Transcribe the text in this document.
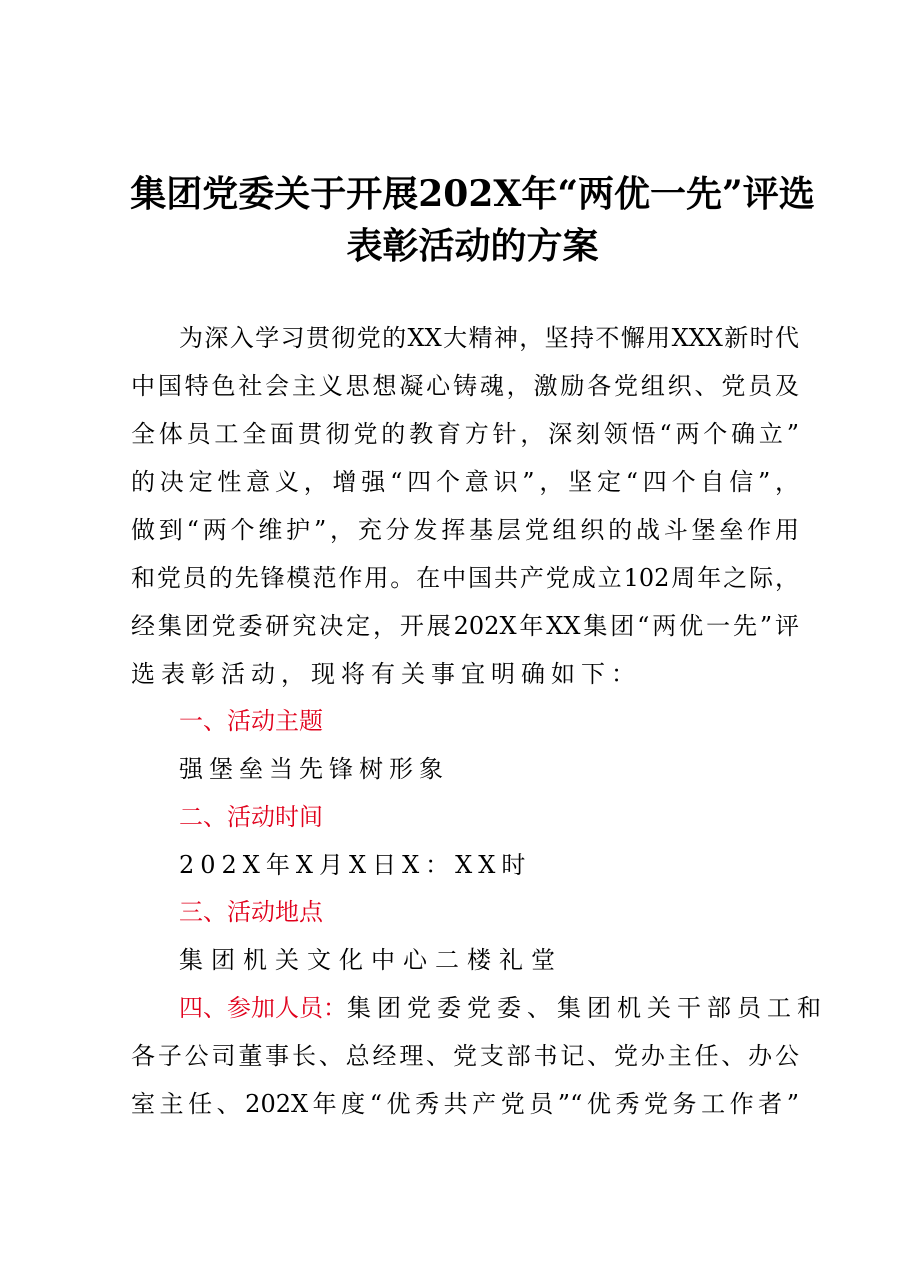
集团党委关于开展202X年“两优一先”评选
表彰活动的方案
为深入学习贯彻党的XX大精神，坚持不懈用XXX新时代
中国特色社会主义思想凝心铸魂，激励各党组织、党员及
全体员工全面贯彻党的教育方针，深刻领悟“两个确立”
的决定性意义，增强“四个意识”，坚定“四个自信”，
做到“两个维护”，充分发挥基层党组织的战斗堡垒作用
和党员的先锋模范作用。在中国共产党成立102周年之际，
经集团党委研究决定，开展202X年XX集团“两优一先”评
选表彰活动，现将有关事宜明确如下：
一、活动主题
强堡垒当先锋树形象
二、活动时间
202X年X月X日X：XX时
三、活动地点
集团机关文化中心二楼礼堂
四、参加人员：集团党委党委、集团机关干部员工和
各子公司董事长、总经理、党支部书记、党办主任、办公
室主任、202X年度“优秀共产党员”“优秀党务工作者”
